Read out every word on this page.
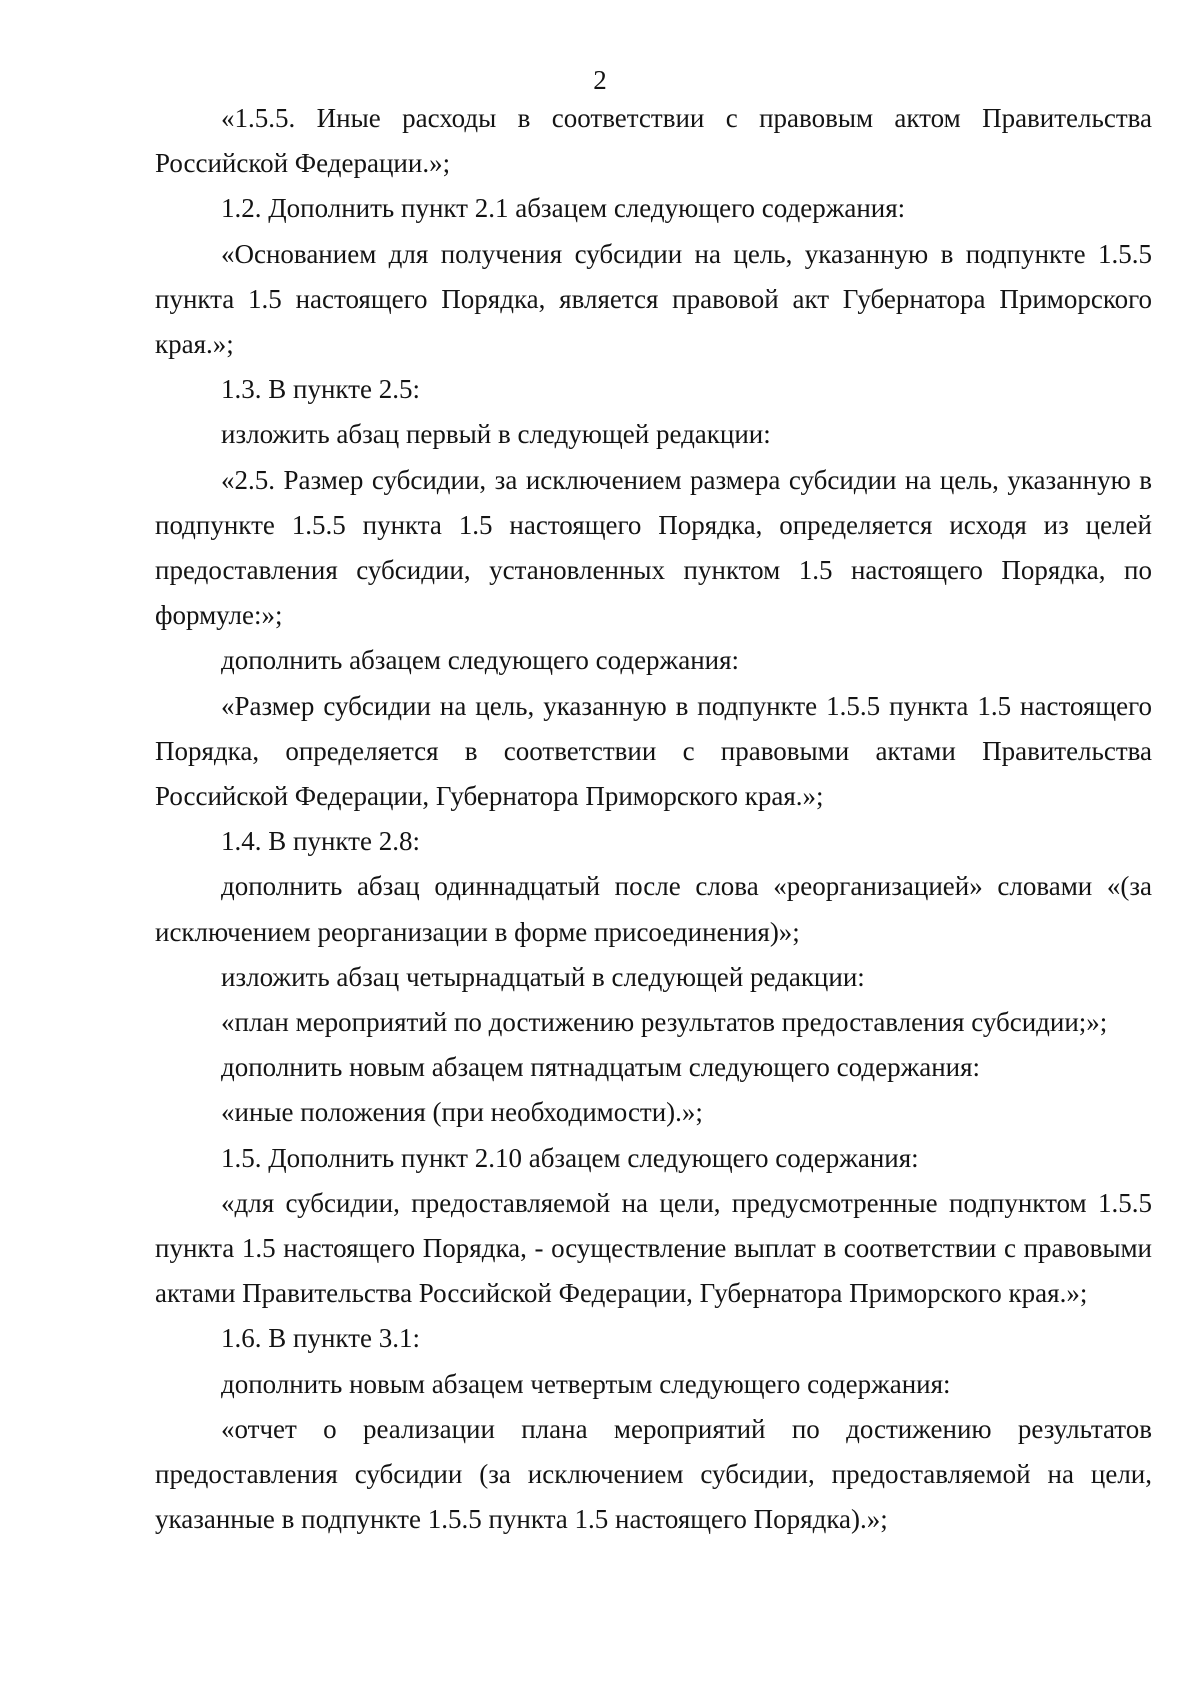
2

«1.5.5. Иные расходы в соответствии с правовым актом Правительства Российской Федерации.»;

1.2. Дополнить пункт 2.1 абзацем следующего содержания:

«Основанием для получения субсидии на цель, указанную в подпункте 1.5.5 пункта 1.5 настоящего Порядка, является правовой акт Губернатора Приморского края.»;

1.3. В пункте 2.5:

изложить абзац первый в следующей редакции:

«2.5. Размер субсидии, за исключением размера субсидии на цель, указанную в подпункте 1.5.5 пункта 1.5 настоящего Порядка, определяется исходя из целей предоставления субсидии, установленных пунктом 1.5 настоящего Порядка, по формуле:»;

дополнить абзацем следующего содержания:

«Размер субсидии на цель, указанную в подпункте 1.5.5 пункта 1.5 настоящего Порядка, определяется в соответствии с правовыми актами Правительства Российской Федерации, Губернатора Приморского края.»;

1.4. В пункте 2.8:

дополнить абзац одиннадцатый после слова «реорганизацией» словами «(за исключением реорганизации в форме присоединения)»;

изложить абзац четырнадцатый в следующей редакции:

«план мероприятий по достижению результатов предоставления субсидии;»;

дополнить новым абзацем пятнадцатым следующего содержания:

«иные положения (при необходимости).»;

1.5. Дополнить пункт 2.10 абзацем следующего содержания:

«для субсидии, предоставляемой на цели, предусмотренные подпунктом 1.5.5 пункта 1.5 настоящего Порядка, - осуществление выплат в соответствии с правовыми актами Правительства Российской Федерации, Губернатора Приморского края.»;

1.6. В пункте 3.1:

дополнить новым абзацем четвертым следующего содержания:

«отчет о реализации плана мероприятий по достижению результатов предоставления субсидии (за исключением субсидии, предоставляемой на цели, указанные в подпункте 1.5.5 пункта 1.5 настоящего Порядка).»;
